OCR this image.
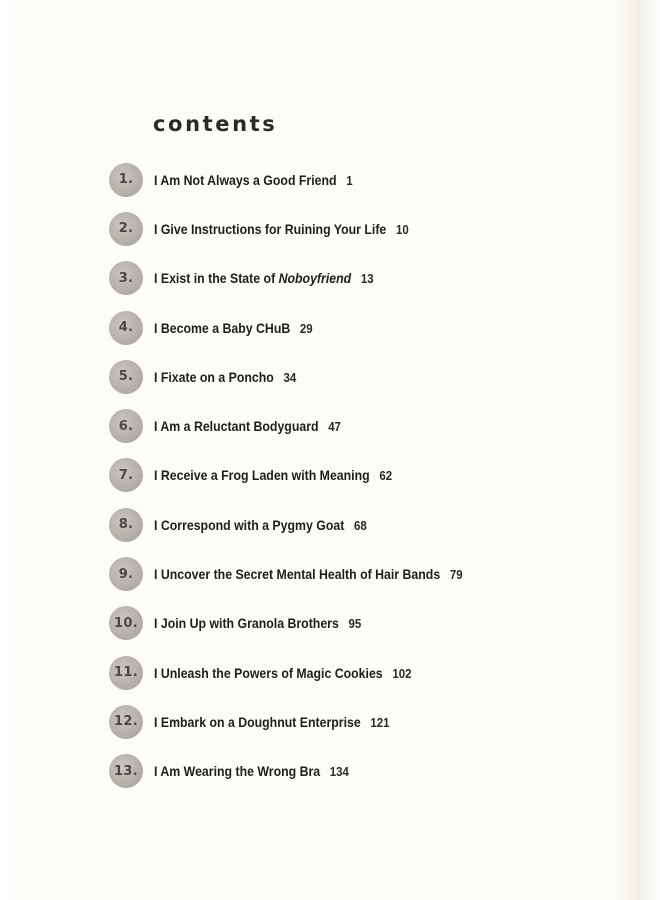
contents
1. I Am Not Always a Good Friend 1
2. I Give Instructions for Ruining Your Life 10
3. I Exist in the State of Noboyfriend 13
4. I Become a Baby CHuB 29
5. I Fixate on a Poncho 34
6. I Am a Reluctant Bodyguard 47
7. I Receive a Frog Laden with Meaning 62
8. I Correspond with a Pygmy Goat 68
9. I Uncover the Secret Mental Health of Hair Bands 79
10. I Join Up with Granola Brothers 95
11. I Unleash the Powers of Magic Cookies 102
12. I Embark on a Doughnut Enterprise 121
13. I Am Wearing the Wrong Bra 134
